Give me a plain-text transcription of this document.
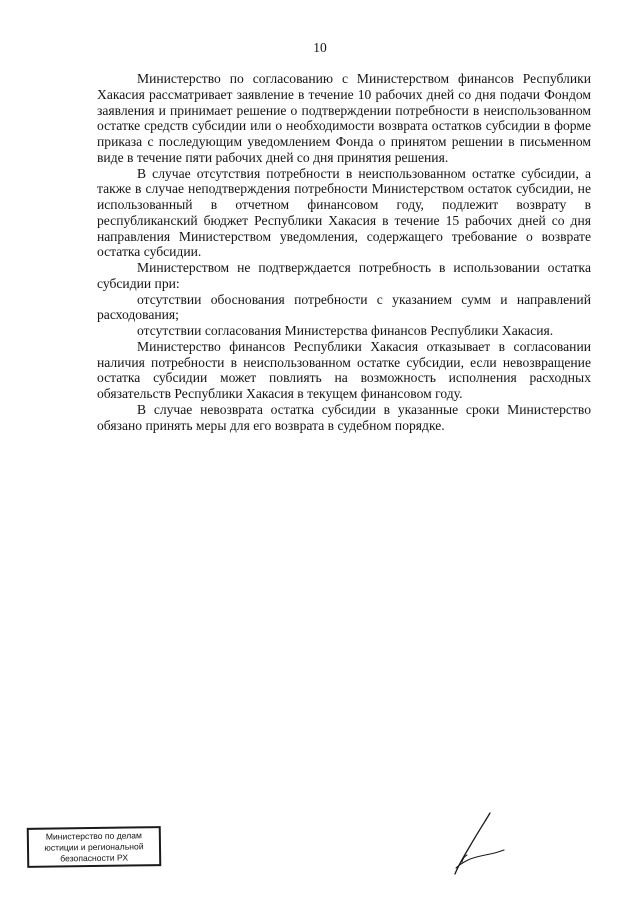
10

Министерство по согласованию с Министерством финансов Республики Хакасия рассматривает заявление в течение 10 рабочих дней со дня подачи Фондом заявления и принимает решение о подтверждении потребности в неиспользованном остатке средств субсидии или о необходимости возврата остатков субсидии в форме приказа с последующим уведомлением Фонда о принятом решении в письменном виде в течение пяти рабочих дней со дня принятия решения.

В случае отсутствия потребности в неиспользованном остатке субсидии, а также в случае неподтверждения потребности Министерством остаток субсидии, не использованный в отчетном финансовом году, подлежит возврату в республиканский бюджет Республики Хакасия в течение 15 рабочих дней со дня направления Министерством уведомления, содержащего требование о возврате остатка субсидии.

Министерством не подтверждается потребность в использовании остатка субсидии при:

отсутствии обоснования потребности с указанием сумм и направлений расходования;

отсутствии согласования Министерства финансов Республики Хакасия.

Министерство финансов Республики Хакасия отказывает в согласовании наличия потребности в неиспользованном остатке субсидии, если невозвращение остатка субсидии может повлиять на возможность исполнения расходных обязательств Республики Хакасия в текущем финансовом году.

В случае невозврата остатка субсидии в указанные сроки Министерство обязано принять меры для его возврата в судебном порядке.

Министерство по делам
юстиции и региональной
безопасности РХ
